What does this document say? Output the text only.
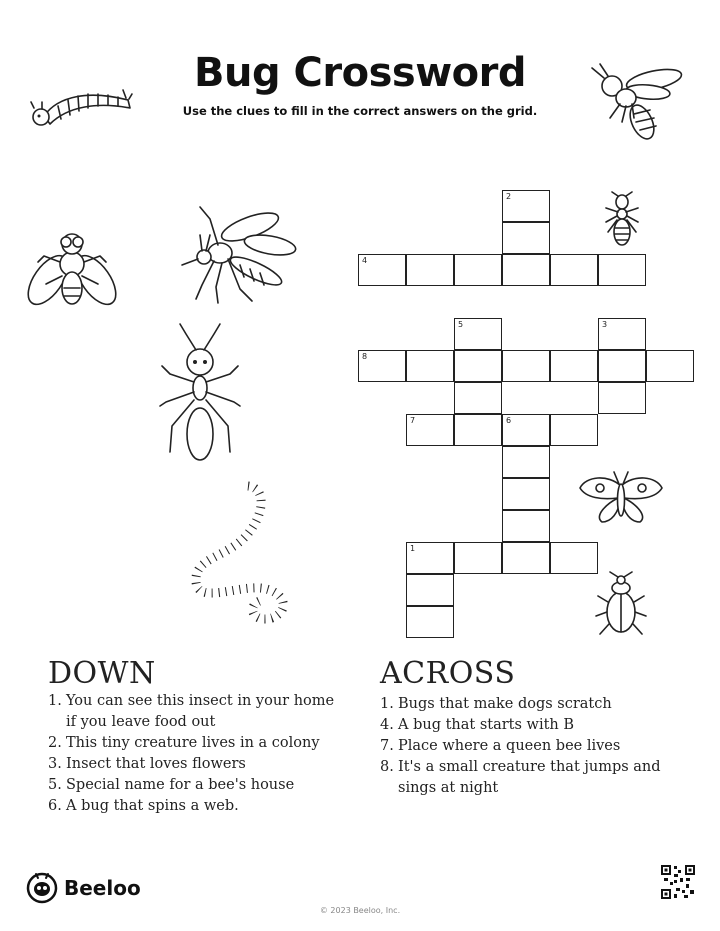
Bug Crossword
Use the clues to fill in the correct answers on the grid.
2
4
5	3
8
7	6
1
DOWN
1. You can see this insect in your home if you leave food out
2. This tiny creature lives in a colony
3. Insect that loves flowers
5. Special name for a bee's house
6. A bug that spins a web.
ACROSS
1. Bugs that make dogs scratch
4. A bug that starts with B
7. Place where a queen bee lives
8. It's a small creature that jumps and sings at night
Beeloo
© 2023 Beeloo, Inc.
